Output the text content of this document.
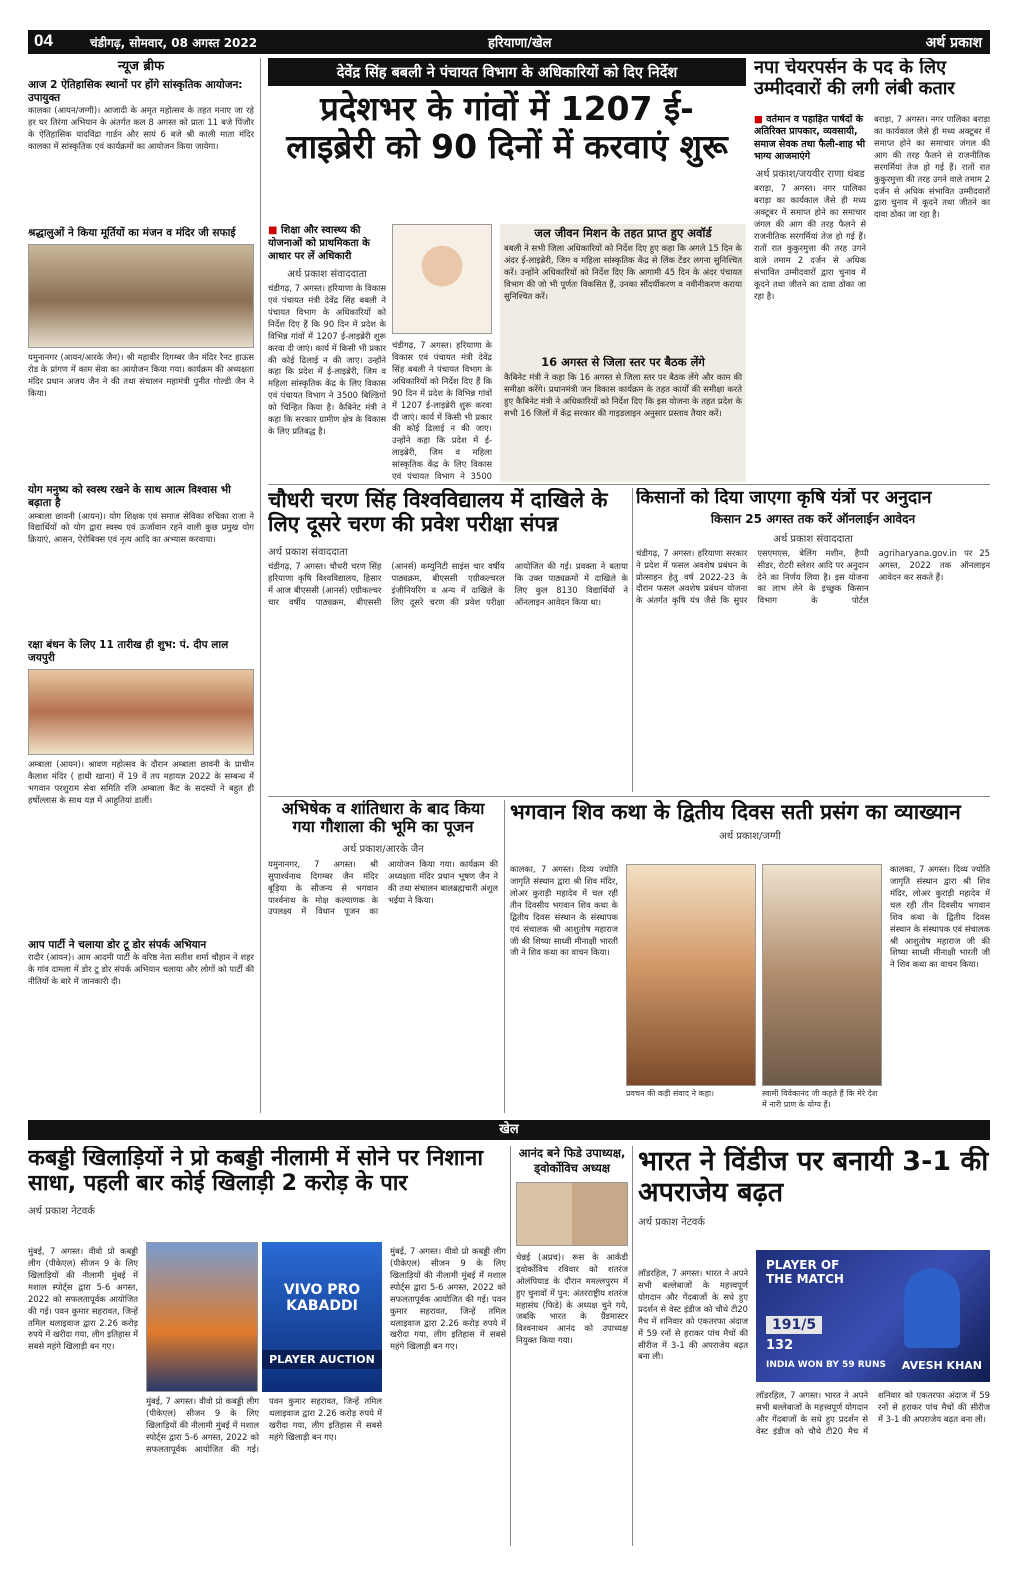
04	चंडीगढ़, सोमवार, 08 अगस्त 2022	हरियाणा/खेल	अर्थ प्रकाश
न्यूज ब्रीफ
आज 2 ऐतिहासिक स्थानों पर होंगे सांस्कृतिक आयोजन: उपायुक्त
कालका (आयन/जग्गी)। आजादी के अमृत महोत्सव के तहत मनाए जा रहे हर घर तिरंगा अभियान के अंतर्गत कल 8 अगस्त को प्रातः 11 बजे पिंजौर के ऐतिहासिक यादविंद्रा गार्डन और सायं 6 बजे श्री काली माता मंदिर कालका में सांस्कृतिक एवं कार्यक्रमों का आयोजन किया जायेगा।
श्रद्धालुओं ने किया मूर्तियों का मंजन व मंदिर जी सफाई
यमुनानगर (आयन/आरके जैन)। श्री महावीर दिगम्बर जैन मंदिर रैनट हाऊस रोड के प्रांगण में काम सेवा का आयोजन किया गया। कार्यक्रम की अध्यक्षता मंदिर प्रधान अजय जैन ने की तथा संचालन महामंत्री पुनीत गोल्डी जैन ने किया।
योग मनुष्य को स्वस्थ रखने के साथ आत्म विश्वास भी बढ़ाता है
अम्बाला छावनी (आयन)। योग शिक्षक एवं समाज सेविका रुचिका राजा ने विद्यार्थियों को योग द्वारा स्वस्थ एवं ऊर्जावान रहने वाली कुछ प्रमुख योग क्रियाएं, आसन, ऐरोबिक्स एवं नृत्य आदि का अभ्यास करवाया।
रक्षा बंधन के लिए 11 तारीख ही शुभ: पं. दीप लाल जयपुरी
अम्बाला (आयन)। श्रावण महोत्सव के दौरान अम्बाला छावनी के प्राचीन कैलाश मंदिर ( हाथी खाना) में 19 वें तप महायज्ञ 2022 के सम्बन्ध में भगवान परशुराम सेवा समिति रजि अम्बाला कैंट के सदस्यों ने बहुत ही हर्षोल्लास के साथ यज्ञ में आहुतियां डालीं।
आप पार्टी ने चलाया डोर टू डोर संपर्क अभियान
रादौर (आयन)। आम आदमी पार्टी के वरिष्ठ नेता सतीश शर्मा चौहान ने शहर के गांव दामला में डोर टू डोर संपर्क अभियान चलाया और लोगों को पार्टी की नीतियों के बारे में जानकारी दी।
देवेंद्र सिंह बबली ने पंचायत विभाग के अधिकारियों को दिए निर्देश
प्रदेशभर के गांवों में 1207 ई-
लाइब्रेरी को 90 दिनों में करवाएं शुरू
■ शिक्षा और स्वास्थ्य की योजनाओं को प्राथमिकता के आधार पर लें अधिकारी
अर्थ प्रकाश संवाददाता
चंडीगढ़, 7 अगस्त। हरियाणा के विकास एवं पंचायत मंत्री देवेंद्र सिंह बबली ने पंचायत विभाग के अधिकारियों को निर्देश दिए हैं कि 90 दिन में प्रदेश के विभिन्न गांवों में 1207 ई-लाइब्रेरी शुरू करवा दी जाएं। कार्य में किसी भी प्रकार की कोई ढिलाई न की जाए। उन्होंने कहा कि प्रदेश में ई-लाइब्रेरी, जिम व महिला सांस्कृतिक केंद्र के लिए विकास एवं पंचायत विभाग ने 3500 बिल्डिंगों को चिन्हित किया है। कैबिनेट मंत्री ने कहा कि सरकार ग्रामीण क्षेत्र के विकास के लिए प्रतिबद्ध है।
चंडीगढ़, 7 अगस्त। हरियाणा के विकास एवं पंचायत मंत्री देवेंद्र सिंह बबली ने पंचायत विभाग के अधिकारियों को निर्देश दिए हैं कि 90 दिन में प्रदेश के विभिन्न गांवों में 1207 ई-लाइब्रेरी शुरू करवा दी जाएं। कार्य में किसी भी प्रकार की कोई ढिलाई न की जाए। उन्होंने कहा कि प्रदेश में ई-लाइब्रेरी, जिम व महिला सांस्कृतिक केंद्र के लिए विकास एवं पंचायत विभाग ने 3500
जल जीवन मिशन के तहत प्राप्त हुए अवॉर्ड
बबली ने सभी जिला अधिकारियों को निर्देश दिए हुए कहा कि अगले 15 दिन के अंदर ई-लाइब्रेरी, जिम व महिला सांस्कृतिक केंद्र से लिंक टेंडर लगना सुनिश्चित करें। उन्होंने अधिकारियों को निर्देश दिए कि आगामी 45 दिन के अंदर पंचायत विभाग की जो भी पूर्णतः विकसित हैं, उनका सौंदर्यीकरण व नवीनीकरण कराया सुनिश्चित करें।
16 अगस्त से जिला स्तर पर बैठक लेंगे
कैबिनेट मंत्री ने कहा कि 16 अगस्त से जिला स्तर पर बैठक लेंगे और काम की समीक्षा करेंगे। प्रधानमंत्री जन विकास कार्यक्रम के तहत कार्यों की समीक्षा करते हुए कैबिनेट मंत्री ने अधिकारियों को निर्देश दिए कि इस योजना के तहत प्रदेश के सभी 16 जिलों में केंद्र सरकार की गाइडलाइन अनुसार प्रस्ताव तैयार करें।
नपा चेयरपर्सन के पद के लिए उम्मीदवारों की लगी लंबी कतार
■ वर्तमान व पहाड़ित पार्षदों के अतिरिक्त प्रापकार, व्यवसायी, समाज सेवक तथा फैली-शाह भी भाग्य आजमाएंगे
अर्थ प्रकाश/जयवीर राणा थंबड
बराड़ा, 7 अगस्त। नगर पालिका बराड़ा का कार्यकाल जैसे ही मध्य अक्टूबर में समाप्त होने का समाचार जंगल की आग की तरह फैलने से राजनीतिक सरगर्मियां तेज हो गई हैं। रातों रात कुकुरमुत्ता की तरह उगने वाले तमाम 2 दर्जन से अधिक संभावित उम्मीदवारों द्वारा चुनाव में कूदने तथा जीतने का दावा ठोका जा रहा है।
बराड़ा, 7 अगस्त। नगर पालिका बराड़ा का कार्यकाल जैसे ही मध्य अक्टूबर में समाप्त होने का समाचार जंगल की आग की तरह फैलने से राजनीतिक सरगर्मियां तेज हो गई हैं। रातों रात कुकुरमुत्ता की तरह उगने वाले तमाम 2 दर्जन से अधिक संभावित उम्मीदवारों द्वारा चुनाव में कूदने तथा जीतने का दावा ठोका जा रहा है।
चौधरी चरण सिंह विश्वविद्यालय में दाखिले के लिए दूसरे चरण की प्रवेश परीक्षा संपन्न
अर्थ प्रकाश संवाददाता
चंडीगढ़, 7 अगस्त। चौधरी चरण सिंह हरियाणा कृषि विश्वविद्यालय, हिसार में आज बीएससी (आनर्स) एग्रीकल्चर चार वर्षीय पाठ्यक्रम, बीएससी (आनर्स) कम्युनिटी साइंस चार वर्षीय पाठ्यक्रम, बीएससी एग्रीकल्चरल इंजीनियरिंग व अन्य में दाखिले के लिए दूसरे चरण की प्रवेश परीक्षा आयोजित की गई। प्रवक्ता ने बताया कि उक्त पाठ्यक्रमों में दाखिले के लिए कुल 8130 विद्यार्थियों ने ऑनलाइन आवेदन किया था।
किसानों को दिया जाएगा कृषि यंत्रों पर अनुदान
किसान 25 अगस्त तक करें ऑनलाईन आवेदन
अर्थ प्रकाश संवाददाता
चंडीगढ़, 7 अगस्त। हरियाणा सरकार ने प्रदेश में फसल अवशेष प्रबंधन के प्रोत्साहन हेतु वर्ष 2022-23 के दौरान फसल अवशेष प्रबंधन योजना के अंतर्गत कृषि यंत्र जैसे कि सुपर एसएमएस, बेलिंग मशीन, हैप्पी सीडर, रोटरी स्लेशर आदि पर अनुदान देने का निर्णय लिया है। इस योजना का लाभ लेने के इच्छुक किसान विभाग के पोर्टल agriharyana.gov.in पर 25 अगस्त, 2022 तक ऑनलाइन आवेदन कर सकते हैं।
अभिषेक व शांतिधारा के बाद किया गया गौशाला की भूमि का पूजन
अर्थ प्रकाश/आरके जैन
यमुनानगर, 7 अगस्त। श्री सुपार्श्वनाथ दिगम्बर जैन मंदिर बूड़िया के सौजन्य से भगवान पार्श्वनाथ के मोक्ष कल्याणक के उपलक्ष्य में विधान पूजन का आयोजन किया गया। कार्यक्रम की अध्यक्षता मंदिर प्रधान भूषण जैन ने की तथा संचालन बालब्रह्मचारी अंशुल भईया ने किया।
भगवान शिव कथा के द्वितीय दिवस सती प्रसंग का व्याख्यान
अर्थ प्रकाश/जग्गी
कालका, 7 अगस्त। दिव्य ज्योति जागृति संस्थान द्वारा श्री शिव मंदिर, लोअर कुराड़ी महादेव में चल रही तीन दिवसीय भगवान शिव कथा के द्वितीय दिवस संस्थान के संस्थापक एवं संचालक श्री आशुतोष महाराज जी की शिष्या साध्वी मीनाक्षी भारती जी ने शिव कथा का वाचन किया।
प्रवचन की कड़ी संवाद ने कहा।	स्वामी विवेकानंद जी कहते हैं कि मेरे देश में नारी प्राण के योग्य हैं।
कालका, 7 अगस्त। दिव्य ज्योति जागृति संस्थान द्वारा श्री शिव मंदिर, लोअर कुराड़ी महादेव में चल रही तीन दिवसीय भगवान शिव कथा के द्वितीय दिवस संस्थान के संस्थापक एवं संचालक श्री आशुतोष महाराज जी की शिष्या साध्वी मीनाक्षी भारती जी ने शिव कथा का वाचन किया।
खेल
कबड्डी खिलाड़ियों ने प्रो कबड्डी नीलामी में सोने पर निशाना साधा, पहली बार कोई खिलाड़ी 2 करोड़ के पार
अर्थ प्रकाश नेटवर्क
मुंबई, 7 अगस्त। वीवो प्रो कबड्डी लीग (पीकेएल) सीजन 9 के लिए खिलाड़ियों की नीलामी मुंबई में मशाल स्पोर्ट्स द्वारा 5-6 अगस्त, 2022 को सफलतापूर्वक आयोजित की गई। पवन कुमार सहरावत, जिन्हें तमिल थलाइवाज द्वारा 2.26 करोड़ रुपये में खरीदा गया, लीग इतिहास में सबसे महंगे खिलाड़ी बन गए।
VIVO PRO KABADDI
PLAYER AUCTION
मुंबई, 7 अगस्त। वीवो प्रो कबड्डी लीग (पीकेएल) सीजन 9 के लिए खिलाड़ियों की नीलामी मुंबई में मशाल स्पोर्ट्स द्वारा 5-6 अगस्त, 2022 को सफलतापूर्वक आयोजित की गई। पवन कुमार सहरावत, जिन्हें तमिल थलाइवाज द्वारा 2.26 करोड़ रुपये में खरीदा गया, लीग इतिहास में सबसे महंगे खिलाड़ी बन गए।
मुंबई, 7 अगस्त। वीवो प्रो कबड्डी लीग (पीकेएल) सीजन 9 के लिए खिलाड़ियों की नीलामी मुंबई में मशाल स्पोर्ट्स द्वारा 5-6 अगस्त, 2022 को सफलतापूर्वक आयोजित की गई। पवन कुमार सहरावत, जिन्हें तमिल थलाइवाज द्वारा 2.26 करोड़ रुपये में खरीदा गया, लीग इतिहास में सबसे महंगे खिलाड़ी बन गए।
आनंद बने फिडे उपाध्यक्ष, ड्वोर्कोविच अध्यक्ष
चेन्नई (अप्रच)। रूस के आर्कडी ड्वोर्कोविच रविवार को शतरंज ओलंपियाड के दौरान ममल्लपुरम में हुए चुनावों में पुन: अंतरराष्ट्रीय शतरंज महासंघ (फिडे) के अध्यक्ष चुने गये, जबकि भारत के ग्रैंडमास्टर विश्वनाथन आनंद को उपाध्यक्ष नियुक्त किया गया।
भारत ने विंडीज पर बनायी 3-1 की अपराजेय बढ़त
अर्थ प्रकाश नेटवर्क
लॉडरहिल, 7 अगस्त। भारत ने अपने सभी बल्लेबाजों के महत्त्वपूर्ण योगदान और गेंदबाजों के सधे हुए प्रदर्शन से वेस्ट इंडीज को चौथे टी20 मैच में शनिवार को एकतरफा अंदाज में 59 रनों से हराकर पांच मैचों की सीरीज में 3-1 की अपराजेय बढ़त बना ली।
PLAYER OF THE MATCH
191/5
132
INDIA WON BY 59 RUNS AVESH KHAN
लॉडरहिल, 7 अगस्त। भारत ने अपने सभी बल्लेबाजों के महत्त्वपूर्ण योगदान और गेंदबाजों के सधे हुए प्रदर्शन से वेस्ट इंडीज को चौथे टी20 मैच में शनिवार को एकतरफा अंदाज में 59 रनों से हराकर पांच मैचों की सीरीज में 3-1 की अपराजेय बढ़त बना ली।
